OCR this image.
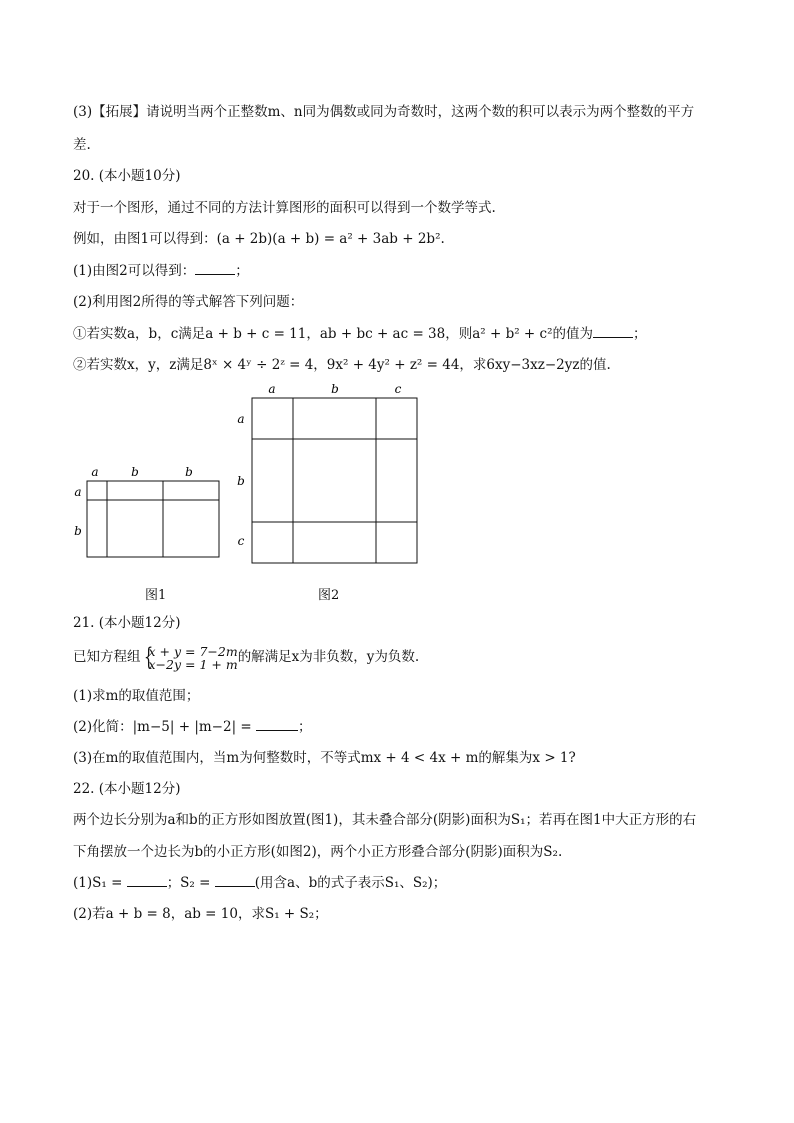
(3)【拓展】请说明当两个正整数m、n同为偶数或同为奇数时，这两个数的积可以表示为两个整数的平方
差.
20. (本小题10分)
对于一个图形，通过不同的方法计算图形的面积可以得到一个数学等式.
例如，由图1可以得到：(a + 2b)(a + b) = a² + 3ab + 2b².
(1)由图2可以得到：	；
(2)利用图2所得的等式解答下列问题：
①若实数a，b，c满足a + b + c = 11，ab + bc + ac = 38，则a² + b² + c²的值为	；
②若实数x，y，z满足8ˣ × 4ʸ ÷ 2ᶻ = 4，9x² + 4y² + z² = 44，求6xy−3xz−2yz的值.
a	b	b
a
b
图1
a	b	c
a
b
c
图2
21. (本小题12分)
已知方程组 {
x + y = 7−2m
x−2y = 1 + m 的解满足x为非负数，y为负数.
(1)求m的取值范围；
(2)化简：|m−5| + |m−2| =	；
(3)在m的取值范围内，当m为何整数时，不等式mx + 4 < 4x + m的解集为x > 1?
22. (本小题12分)
两个边长分别为a和b的正方形如图放置(图1)，其未叠合部分(阴影)面积为S₁；若再在图1中大正方形的右
下角摆放一个边长为b的小正方形(如图2)，两个小正方形叠合部分(阴影)面积为S₂.
(1)S₁ =	；S₂ =	(用含a、b的式子表示S₁、S₂)；
(2)若a + b = 8，ab = 10，求S₁ + S₂；
